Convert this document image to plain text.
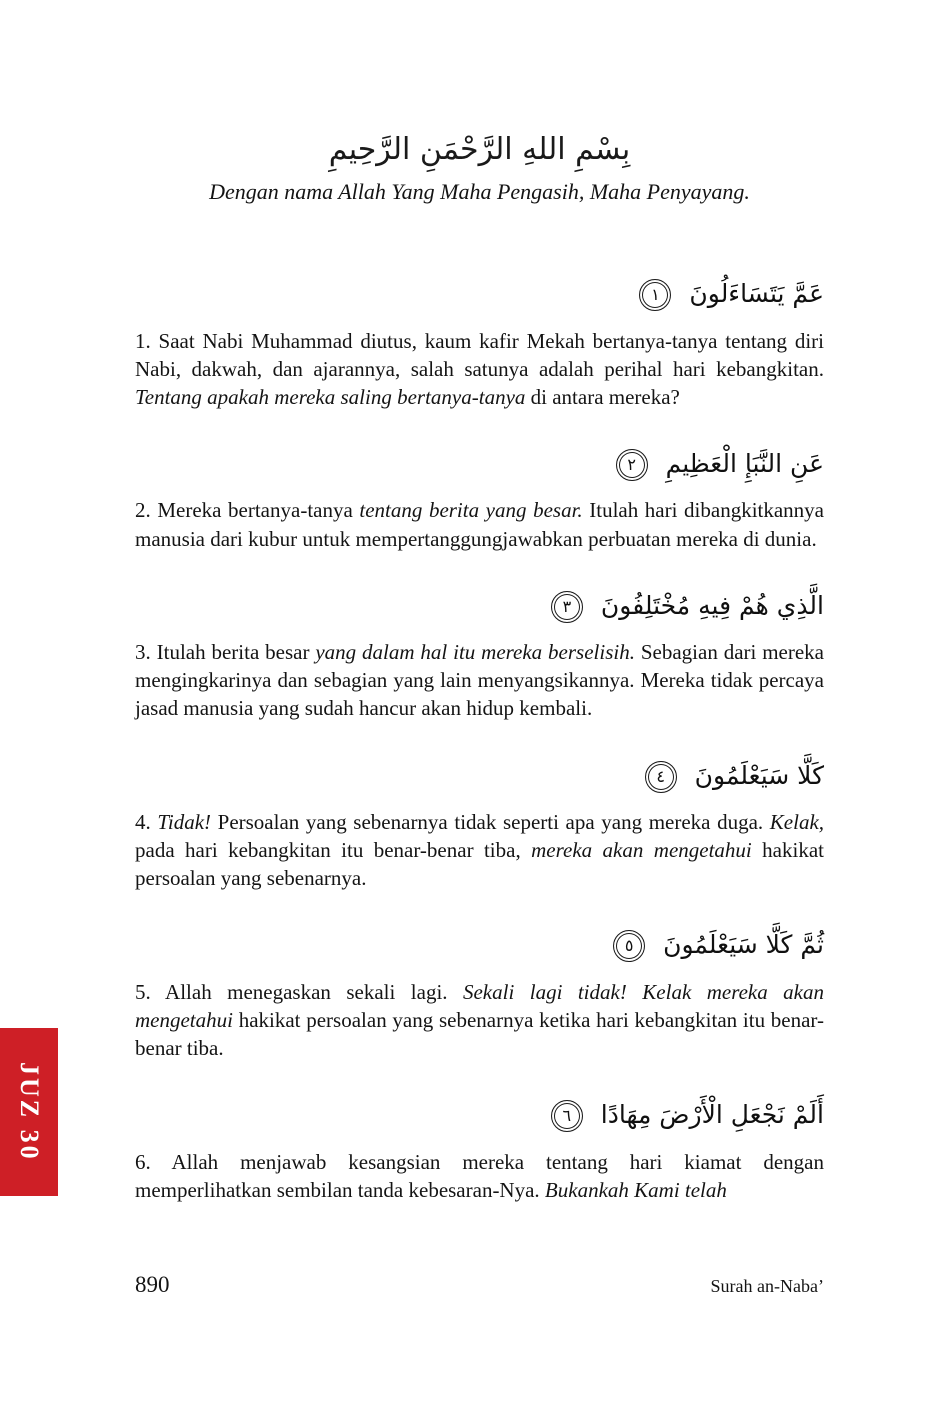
بِسْمِ اللهِ الرَّحْمَنِ الرَّحِيمِ

Dengan nama Allah Yang Maha Pengasih, Maha Penyayang.

عَمَّ يَتَسَاءَلُونَ ١

1. Saat Nabi Muhammad diutus, kaum kafir Mekah bertanya-tanya tentang diri Nabi, dakwah, dan ajarannya, salah satunya adalah perihal hari kebangkitan. Tentang apakah mereka saling bertanya-tanya di antara mereka?

عَنِ النَّبَإِ الْعَظِيمِ ٢

2. Mereka bertanya-tanya tentang berita yang besar. Itulah hari dibangkitkannya manusia dari kubur untuk mempertanggungjawabkan perbuatan mereka di dunia.

الَّذِي هُمْ فِيهِ مُخْتَلِفُونَ ٣

3. Itulah berita besar yang dalam hal itu mereka berselisih. Sebagian dari mereka mengingkarinya dan sebagian yang lain menyangsikannya. Mereka tidak percaya jasad manusia yang sudah hancur akan hidup kembali.

كَلَّا سَيَعْلَمُونَ ٤

4. Tidak! Persoalan yang sebenarnya tidak seperti apa yang mereka duga. Kelak, pada hari kebangkitan itu benar-benar tiba, mereka akan mengetahui hakikat persoalan yang sebenarnya.

ثُمَّ كَلَّا سَيَعْلَمُونَ ٥

5. Allah menegaskan sekali lagi. Sekali lagi tidak! Kelak mereka akan mengetahui hakikat persoalan yang sebenarnya ketika hari kebangkitan itu benar-benar tiba.

أَلَمْ نَجْعَلِ الْأَرْضَ مِهَادًا ٦

6. Allah menjawab kesangsian mereka tentang hari kiamat dengan memperlihatkan sembilan tanda kebesaran-Nya. Bukankah Kami telah

JUZ 30
890	Surah an-Naba’
